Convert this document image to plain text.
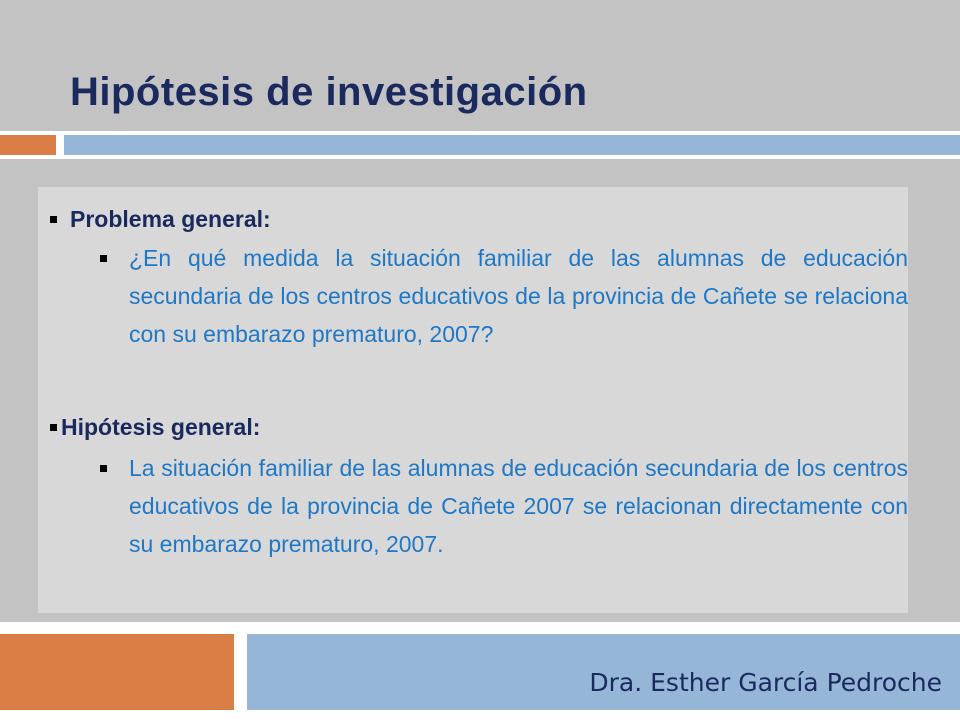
Hipótesis de investigación
Problema general:
¿En qué medida la situación familiar de las alumnas de educación secundaria de los centros educativos de la provincia de Cañete se relaciona con su embarazo prematuro, 2007?
Hipótesis general:
La situación familiar de las alumnas de educación secundaria de los centros educativos de la provincia de Cañete 2007 se relacionan directamente con su embarazo prematuro, 2007.
Dra. Esther García Pedroche
